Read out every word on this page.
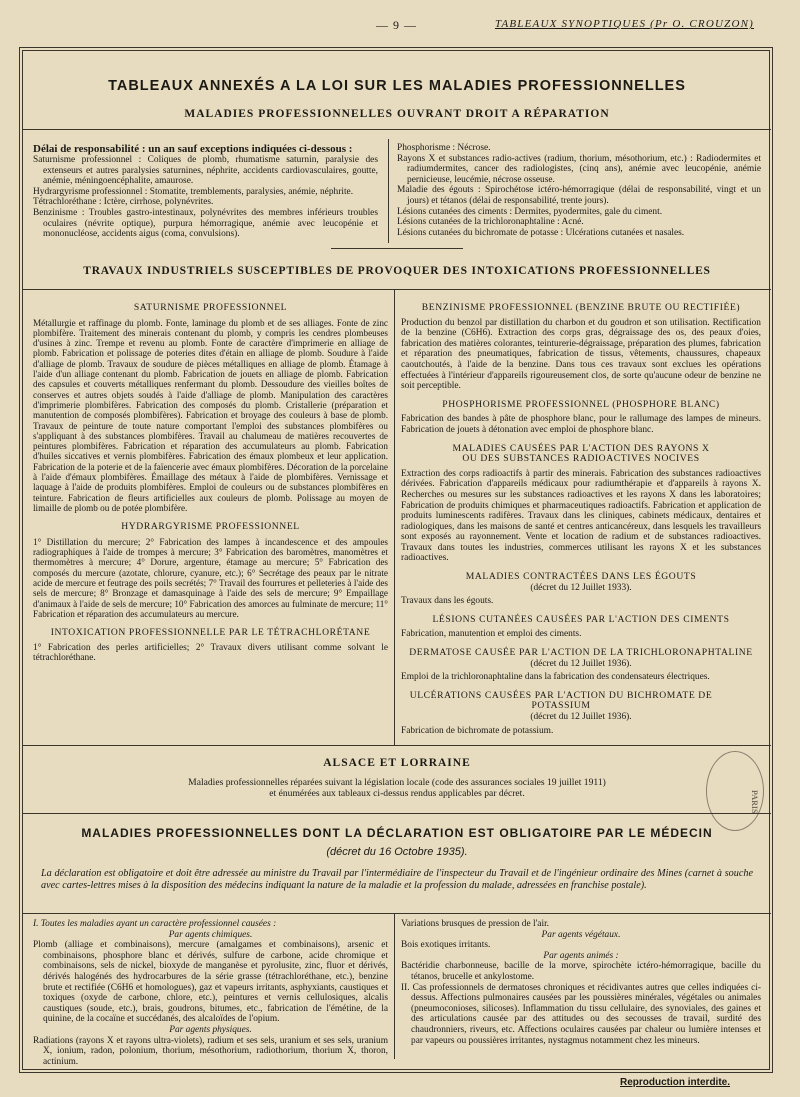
— 9 —	TABLEAUX SYNOPTIQUES (Pr O. CROUZON)
TABLEAUX ANNEXÉS A LA LOI SUR LES MALADIES PROFESSIONNELLES
MALADIES PROFESSIONNELLES OUVRANT DROIT A RÉPARATION

Délai de responsabilité : un an sauf exceptions indiquées ci-dessous :

Saturnisme professionnel : Coliques de plomb, rhumatisme saturnin, paralysie des extenseurs et autres paralysies saturnines, néphrite, accidents cardiovasculaires, goutte, anémie, méningoencéphalite, amaurose.

Hydrargyrisme professionnel : Stomatite, tremblements, paralysies, anémie, néphrite.

Tétrachloréthane : Ictère, cirrhose, polynévrites.

Benzinisme : Troubles gastro-intestinaux, polynévrites des membres inférieurs troubles oculaires (névrite optique), purpura hémorragique, anémie avec leucopénie et mononucléose, accidents aigus (coma, convulsions).

Phosphorisme : Nécrose.

Rayons X et substances radio-actives (radium, thorium, mésothorium, etc.) : Radiodermites et radiumdermites, cancer des radiologistes, (cinq ans), anémie avec leucopénie, anémie pernicieuse, leucémie, nécrose osseuse.

Maladie des égouts : Spirochétose ictéro-hémorragique (délai de responsabilité, vingt et un jours) et tétanos (délai de responsabilité, trente jours).

Lésions cutanées des ciments : Dermites, pyodermites, gale du ciment.

Lésions cutanées de la trichloronaphtaline : Acné.

Lésions cutanées du bichromate de potasse : Ulcérations cutanées et nasales.

TRAVAUX INDUSTRIELS SUSCEPTIBLES DE PROVOQUER DES INTOXICATIONS PROFESSIONNELLES
SATURNISME PROFESSIONNEL

Métallurgie et raffinage du plomb. Fonte, laminage du plomb et de ses alliages. Fonte de zinc plombifère. Traitement des minerais contenant du plomb, y compris les cendres plombeuses d'usines à zinc. Trempe et revenu au plomb. Fonte de caractère d'imprimerie en alliage de plomb. Fabrication et polissage de poteries dites d'étain en alliage de plomb. Soudure à l'aide d'alliage de plomb. Travaux de soudure de pièces métalliques en alliage de plomb. Étamage à l'aide d'un alliage contenant du plomb. Fabrication de jouets en alliage de plomb. Fabrication des capsules et couverts métalliques renfermant du plomb. Dessoudure des vieilles boîtes de conserves et autres objets soudés à l'aide d'alliage de plomb. Manipulation des caractères d'imprimerie plombifères. Fabrication des composés du plomb. Cristallerie (préparation et manutention de composés plombifères). Fabrication et broyage des couleurs à base de plomb. Travaux de peinture de toute nature comportant l'emploi des substances plombifères ou s'appliquant à des substances plombifères. Travail au chalumeau de matières recouvertes de peintures plombifères. Fabrication et réparation des accumulateurs au plomb. Fabrication d'huiles siccatives et vernis plombifères. Fabrication des émaux plombeux et leur application. Fabrication de la poterie et de la faïencerie avec émaux plombifères. Décoration de la porcelaine à l'aide d'émaux plombifères. Émaillage des métaux à l'aide de plombifères. Vernissage et laquage à l'aide de produits plombifères. Emploi de couleurs ou de substances plombifères en teinture. Fabrication de fleurs artificielles aux couleurs de plomb. Polissage au moyen de limaille de plomb ou de potée plombifère.

HYDRARGYRISME PROFESSIONNEL

1° Distillation du mercure; 2° Fabrication des lampes à incandescence et des ampoules radiographiques à l'aide de trompes à mercure; 3° Fabrication des baromètres, manomètres et thermomètres à mercure; 4° Dorure, argenture, étamage au mercure; 5° Fabrication des composés du mercure (azotate, chlorure, cyanure, etc.); 6° Secrétage des peaux par le nitrate acide de mercure et feutrage des poils secrétés; 7° Travail des fourrures et pelleteries à l'aide des sels de mercure; 8° Bronzage et damasquinage à l'aide des sels de mercure; 9° Empaillage d'animaux à l'aide de sels de mercure; 10° Fabrication des amorces au fulminate de mercure; 11° Fabrication et réparation des accumulateurs au mercure.

INTOXICATION PROFESSIONNELLE PAR LE TÉTRACHLORÉTANE

1° Fabrication des perles artificielles; 2° Travaux divers utilisant comme solvant le tétrachloréthane.

BENZINISME PROFESSIONNEL (BENZINE BRUTE OU RECTIFIÉE)

Production du benzol par distillation du charbon et du goudron et son utilisation. Rectification de la benzine (C6H6). Extraction des corps gras, dégraissage des os, des peaux d'oies, fabrication des matières colorantes, teinturerie-dégraissage, préparation des plumes, fabrication et réparation des pneumatiques, fabrication de tissus, vêtements, chaussures, chapeaux caoutchoutés, à l'aide de la benzine. Dans tous ces travaux sont exclues les opérations effectuées à l'intérieur d'appareils rigoureusement clos, de sorte qu'aucune odeur de benzine ne soit perceptible.

PHOSPHORISME PROFESSIONNEL (PHOSPHORE BLANC)

Fabrication des bandes à pâte de phosphore blanc, pour le rallumage des lampes de mineurs. Fabrication de jouets à détonation avec emploi de phosphore blanc.

MALADIES CAUSÉES PAR L'ACTION DES RAYONS X
OU DES SUBSTANCES RADIOACTIVES NOCIVES

Extraction des corps radioactifs à partir des minerais. Fabrication des substances radioactives dérivées. Fabrication d'appareils médicaux pour radiumthérapie et d'appareils à rayons X. Recherches ou mesures sur les substances radioactives et les rayons X dans les laboratoires; Fabrication de produits chimiques et pharmaceutiques radioactifs. Fabrication et application de produits luminescents radifères. Travaux dans les cliniques, cabinets médicaux, dentaires et radiologiques, dans les maisons de santé et centres anticancéreux, dans lesquels les travailleurs sont exposés au rayonnement. Vente et location de radium et de substances radioactives. Travaux dans toutes les industries, commerces utilisant les rayons X et les substances radioactives.

MALADIES CONTRACTÉES DANS LES ÉGOUTS
(décret du 12 Juillet 1933).

Travaux dans les égouts.

LÉSIONS CUTANÉES CAUSÉES PAR L'ACTION DES CIMENTS

Fabrication, manutention et emploi des ciments.

DERMATOSE CAUSÉE PAR L'ACTION DE LA TRICHLORONAPHTALINE
(décret du 12 Juillet 1936).

Emploi de la trichloronaphtaline dans la fabrication des condensateurs électriques.

ULCÉRATIONS CAUSÉES PAR L'ACTION DU BICHROMATE DE POTASSIUM
(décret du 12 Juillet 1936).

Fabrication de bichromate de potassium.

ALSACE ET LORRAINE
Maladies professionnelles réparées suivant la législation locale (code des assurances sociales 19 juillet 1911)
et énumérées aux tableaux ci-dessus rendus applicables par décret.	PARIS
MALADIES PROFESSIONNELLES DONT LA DÉCLARATION EST OBLIGATOIRE PAR LE MÉDECIN
(décret du 16 Octobre 1935).
La déclaration est obligatoire et doit être adressée au ministre du Travail par l'intermédiaire de l'inspecteur du Travail et de l'ingénieur ordinaire des Mines (carnet à souche avec cartes-lettres mises à la disposition des médecins indiquant la nature de la maladie et la profession du malade, adressées en franchise postale).

I. Toutes les maladies ayant un caractère professionnel causées :

Par agents chimiques.

Plomb (alliage et combinaisons), mercure (amalgames et combinaisons), arsenic et combinaisons, phosphore blanc et dérivés, sulfure de carbone, acide chromique et combinaisons, sels de nickel, bioxyde de manganèse et pyrolusite, zinc, fluor et dérivés, dérivés halogénés des hydrocarbures de la série grasse (tétrachloréthane, etc.), benzine brute et rectifiée (C6H6 et homologues), gaz et vapeurs irritants, asphyxiants, caustiques et toxiques (oxyde de carbone, chlore, etc.), peintures et vernis cellulosiques, alcalis caustiques (soude, etc.), brais, goudrons, bitumes, etc., fabrication de l'émétine, de la quinine, de la cocaïne et succédanés, des alcaloïdes de l'opium.

Par agents physiques.

Radiations (rayons X et rayons ultra-violets), radium et ses sels, uranium et ses sels, uranium X, ionium, radon, polonium, thorium, mésothorium, radiothorium, thorium X, thoron, actinium.

Variations brusques de pression de l'air.

Par agents végétaux.

Bois exotiques irritants.

Par agents animés :

Bactéridie charbonneuse, bacille de la morve, spirochète ictéro-hémorragique, bacille du tétanos, brucelle et ankylostome.

II. Cas professionnels de dermatoses chroniques et récidivantes autres que celles indiquées ci-dessus. Affections pulmonaires causées par les poussières minérales, végétales ou animales (pneumoconioses, silicoses). Inflammation du tissu cellulaire, des synoviales, des gaines et des articulations causée par des attitudes ou des secousses de travail, surdité des chaudronniers, riveurs, etc. Affections oculaires causées par chaleur ou lumière intenses et par vapeurs ou poussières irritantes, nystagmus notamment chez les mineurs.

Reproduction interdite.
